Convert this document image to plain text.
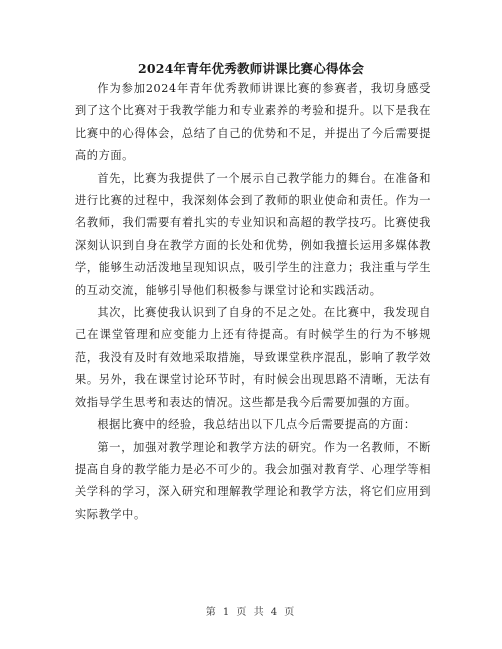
2024年青年优秀教师讲课比赛心得体会

作为参加2024年青年优秀教师讲课比赛的参赛者，我切身感受到了这个比赛对于我教学能力和专业素养的考验和提升。以下是我在比赛中的心得体会，总结了自己的优势和不足，并提出了今后需要提高的方面。

首先，比赛为我提供了一个展示自己教学能力的舞台。在准备和进行比赛的过程中，我深刻体会到了教师的职业使命和责任。作为一名教师，我们需要有着扎实的专业知识和高超的教学技巧。比赛使我深刻认识到自身在教学方面的长处和优势，例如我擅长运用多媒体教学，能够生动活泼地呈现知识点，吸引学生的注意力；我注重与学生的互动交流，能够引导他们积极参与课堂讨论和实践活动。

其次，比赛使我认识到了自身的不足之处。在比赛中，我发现自己在课堂管理和应变能力上还有待提高。有时候学生的行为不够规范，我没有及时有效地采取措施，导致课堂秩序混乱，影响了教学效果。另外，我在课堂讨论环节时，有时候会出现思路不清晰，无法有效指导学生思考和表达的情况。这些都是我今后需要加强的方面。

根据比赛中的经验，我总结出以下几点今后需要提高的方面：

第一，加强对教学理论和教学方法的研究。作为一名教师，不断提高自身的教学能力是必不可少的。我会加强对教育学、心理学等相关学科的学习，深入研究和理解教学理论和教学方法，将它们应用到实际教学中。

第 1 页 共 4 页
